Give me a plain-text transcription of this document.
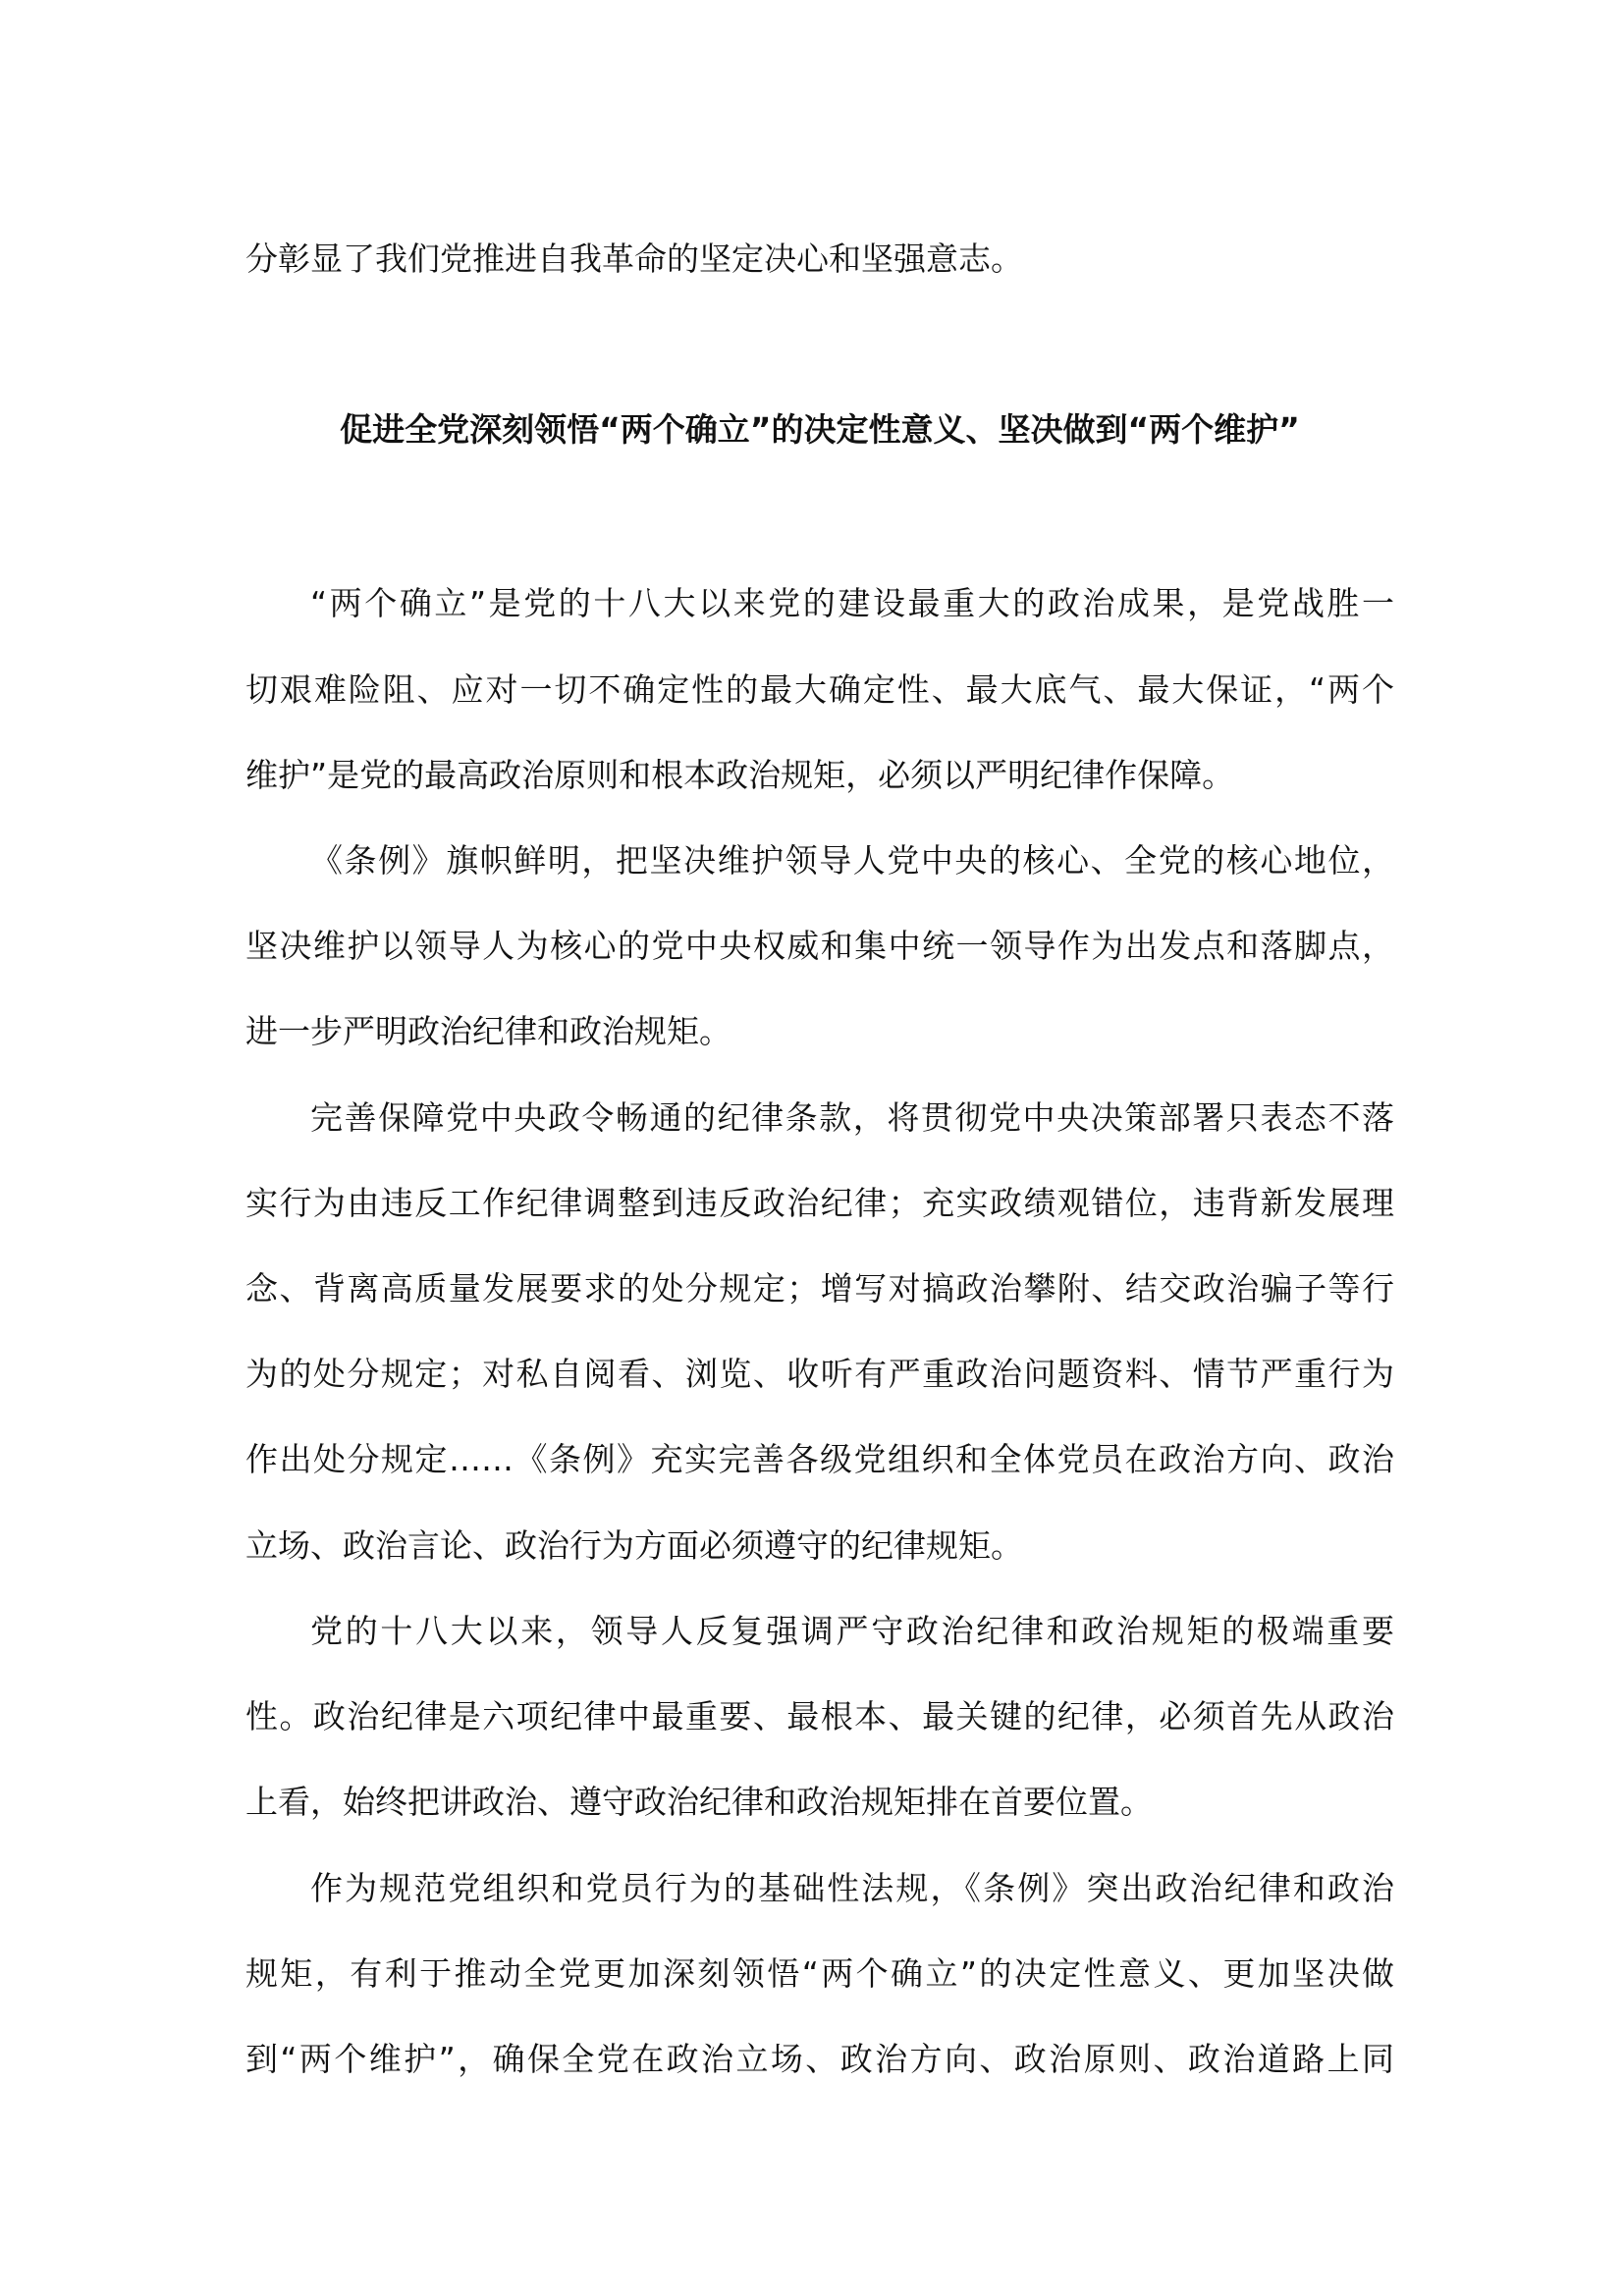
分彰显了我们党推进自我革命的坚定决心和坚强意志。
促进全党深刻领悟“两个确立”的决定性意义、坚决做到“两个维护”
“两个确立”是党的十八大以来党的建设最重大的政治成果，是党战胜一
切艰难险阻、应对一切不确定性的最大确定性、最大底气、最大保证，“两个
维护”是党的最高政治原则和根本政治规矩，必须以严明纪律作保障。
《条例》旗帜鲜明，把坚决维护领导人党中央的核心、全党的核心地位，
坚决维护以领导人为核心的党中央权威和集中统一领导作为出发点和落脚点，
进一步严明政治纪律和政治规矩。
完善保障党中央政令畅通的纪律条款，将贯彻党中央决策部署只表态不落
实行为由违反工作纪律调整到违反政治纪律；充实政绩观错位，违背新发展理
念、背离高质量发展要求的处分规定；增写对搞政治攀附、结交政治骗子等行
为的处分规定；对私自阅看、浏览、收听有严重政治问题资料、情节严重行为
作出处分规定……《条例》充实完善各级党组织和全体党员在政治方向、政治
立场、政治言论、政治行为方面必须遵守的纪律规矩。
党的十八大以来，领导人反复强调严守政治纪律和政治规矩的极端重要
性。政治纪律是六项纪律中最重要、最根本、最关键的纪律，必须首先从政治
上看，始终把讲政治、遵守政治纪律和政治规矩排在首要位置。
作为规范党组织和党员行为的基础性法规，《条例》突出政治纪律和政治
规矩，有利于推动全党更加深刻领悟“两个确立”的决定性意义、更加坚决做
到“两个维护”，确保全党在政治立场、政治方向、政治原则、政治道路上同
